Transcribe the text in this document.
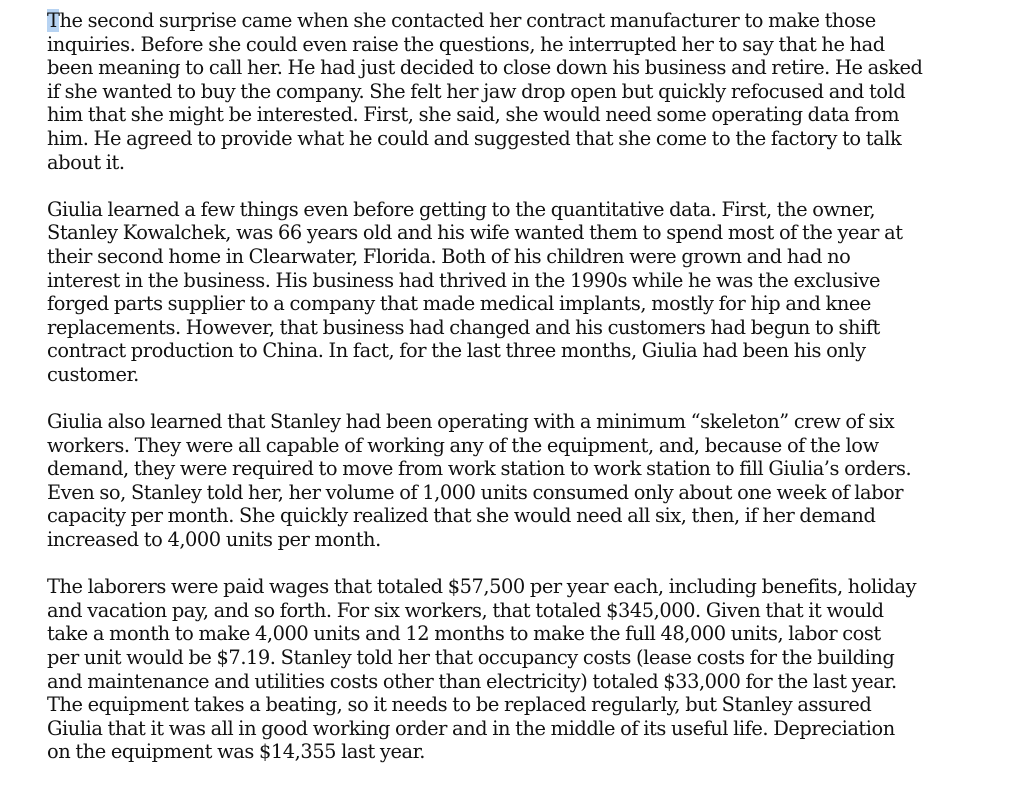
The second surprise came when she contacted her contract manufacturer to make those
inquiries. Before she could even raise the questions, he interrupted her to say that he had
been meaning to call her. He had just decided to close down his business and retire. He asked
if she wanted to buy the company. She felt her jaw drop open but quickly refocused and told
him that she might be interested. First, she said, she would need some operating data from
him. He agreed to provide what he could and suggested that she come to the factory to talk
about it.

Giulia learned a few things even before getting to the quantitative data. First, the owner,
Stanley Kowalchek, was 66 years old and his wife wanted them to spend most of the year at
their second home in Clearwater, Florida. Both of his children were grown and had no
interest in the business. His business had thrived in the 1990s while he was the exclusive
forged parts supplier to a company that made medical implants, mostly for hip and knee
replacements. However, that business had changed and his customers had begun to shift
contract production to China. In fact, for the last three months, Giulia had been his only
customer.

Giulia also learned that Stanley had been operating with a minimum “skeleton” crew of six
workers. They were all capable of working any of the equipment, and, because of the low
demand, they were required to move from work station to work station to fill Giulia’s orders.
Even so, Stanley told her, her volume of 1,000 units consumed only about one week of labor
capacity per month. She quickly realized that she would need all six, then, if her demand
increased to 4,000 units per month.

The laborers were paid wages that totaled $57,500 per year each, including benefits, holiday
and vacation pay, and so forth. For six workers, that totaled $345,000. Given that it would
take a month to make 4,000 units and 12 months to make the full 48,000 units, labor cost
per unit would be $7.19. Stanley told her that occupancy costs (lease costs for the building
and maintenance and utilities costs other than electricity) totaled $33,000 for the last year.
The equipment takes a beating, so it needs to be replaced regularly, but Stanley assured
Giulia that it was all in good working order and in the middle of its useful life. Depreciation
on the equipment was $14,355 last year.
